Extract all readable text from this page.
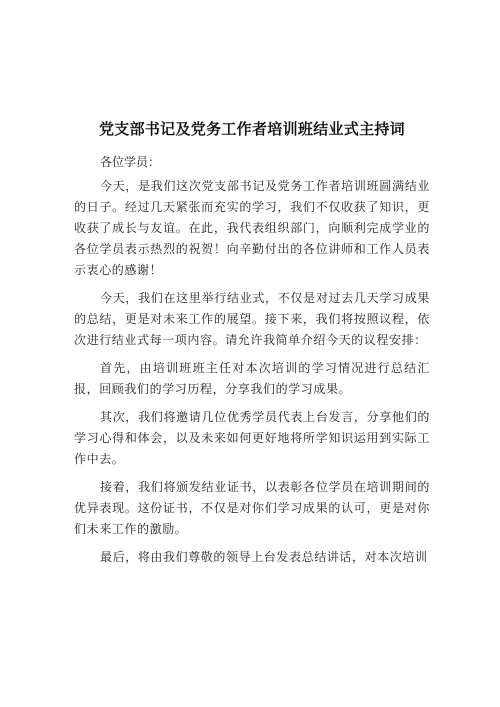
党支部书记及党务工作者培训班结业式主持词

各位学员：

今天，是我们这次党支部书记及党务工作者培训班圆满结业的日子。经过几天紧张而充实的学习，我们不仅收获了知识，更收获了成长与友谊。在此，我代表组织部门，向顺利完成学业的各位学员表示热烈的祝贺！向辛勤付出的各位讲师和工作人员表示衷心的感谢！

今天，我们在这里举行结业式，不仅是对过去几天学习成果的总结，更是对未来工作的展望。接下来，我们将按照议程，依次进行结业式每一项内容。请允许我简单介绍今天的议程安排：

首先，由培训班班主任对本次培训的学习情况进行总结汇报，回顾我们的学习历程，分享我们的学习成果。

其次，我们将邀请几位优秀学员代表上台发言，分享他们的学习心得和体会，以及未来如何更好地将所学知识运用到实际工作中去。

接着，我们将颁发结业证书，以表彰各位学员在培训期间的优异表现。这份证书，不仅是对你们学习成果的认可，更是对你们未来工作的激励。

最后，将由我们尊敬的领导上台发表总结讲话，对本次培训
